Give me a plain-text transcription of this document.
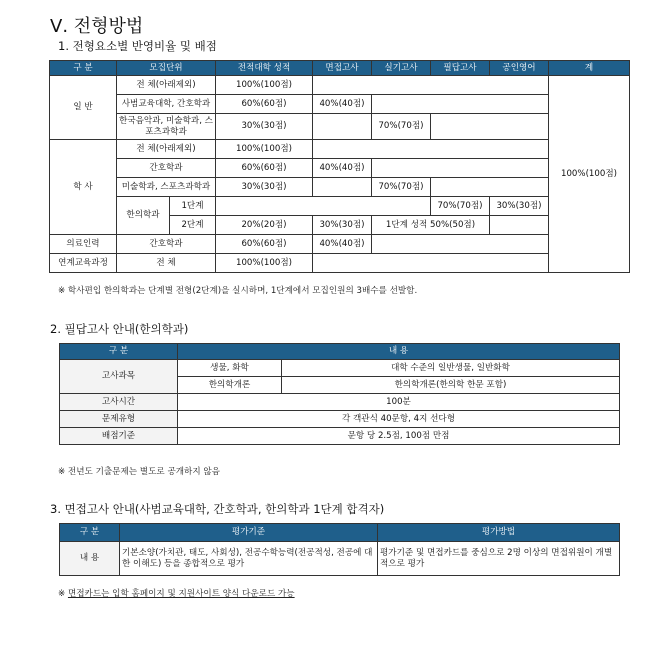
Ⅴ. 전형방법
1. 전형요소별 반영비율 및 배점
구 분	모집단위		전적대학 성적	면접고사	실기고사	필답고사	공인영어	계
일 반	전 체(아래제외)		100%(100점)					100%(100점)
	사범교육대학, 간호학과		60%(60점)	40%(40점)				
	한국음악과, 미술학과, 스포츠과학과		30%(30점)		70%(70점)			
학 사	전 체(아래제외)		100%(100점)					
	간호학과		60%(60점)	40%(40점)				
	미술학과, 스포츠과학과		30%(30점)		70%(70점)			
	한의학과	1단계				70%(70점)	30%(30점)	
		2단계	20%(20점)	30%(30점)	1단계 성적 50%(50점)			
의료인력	간호학과		60%(60점)	40%(40점)				
연계교육과정	전 체		100%(100점)					
※ 학사편입 한의학과는 단계별 전형(2단계)을 실시하며, 1단계에서 모집인원의 3배수를 선발함.
2. 필답고사 안내(한의학과)
구 분	내 용	
고사과목	생물, 화학	대학 수준의 일반생물, 일반화학
	한의학개론	한의학개론(한의학 한문 포함)
고사시간	100분	
문제유형	각 객관식 40문항, 4지 선다형	
배점기준	문항 당 2.5점, 100점 만점	
※ 전년도 기출문제는 별도로 공개하지 않음
3. 면접고사 안내(사범교육대학, 간호학과, 한의학과 1단계 합격자)
구 분	평가기준	평가방법
내 용	기본소양(가치관, 태도, 사회성), 전공수학능력(전공적성, 전공에 대한 이해도) 등을 종합적으로 평가	평가기준 및 면접카드를 중심으로 2명 이상의 면접위원이 개별적으로 평가
※ 면접카드는 입학 홈페이지 및 지원사이트 양식 다운로드 가능
